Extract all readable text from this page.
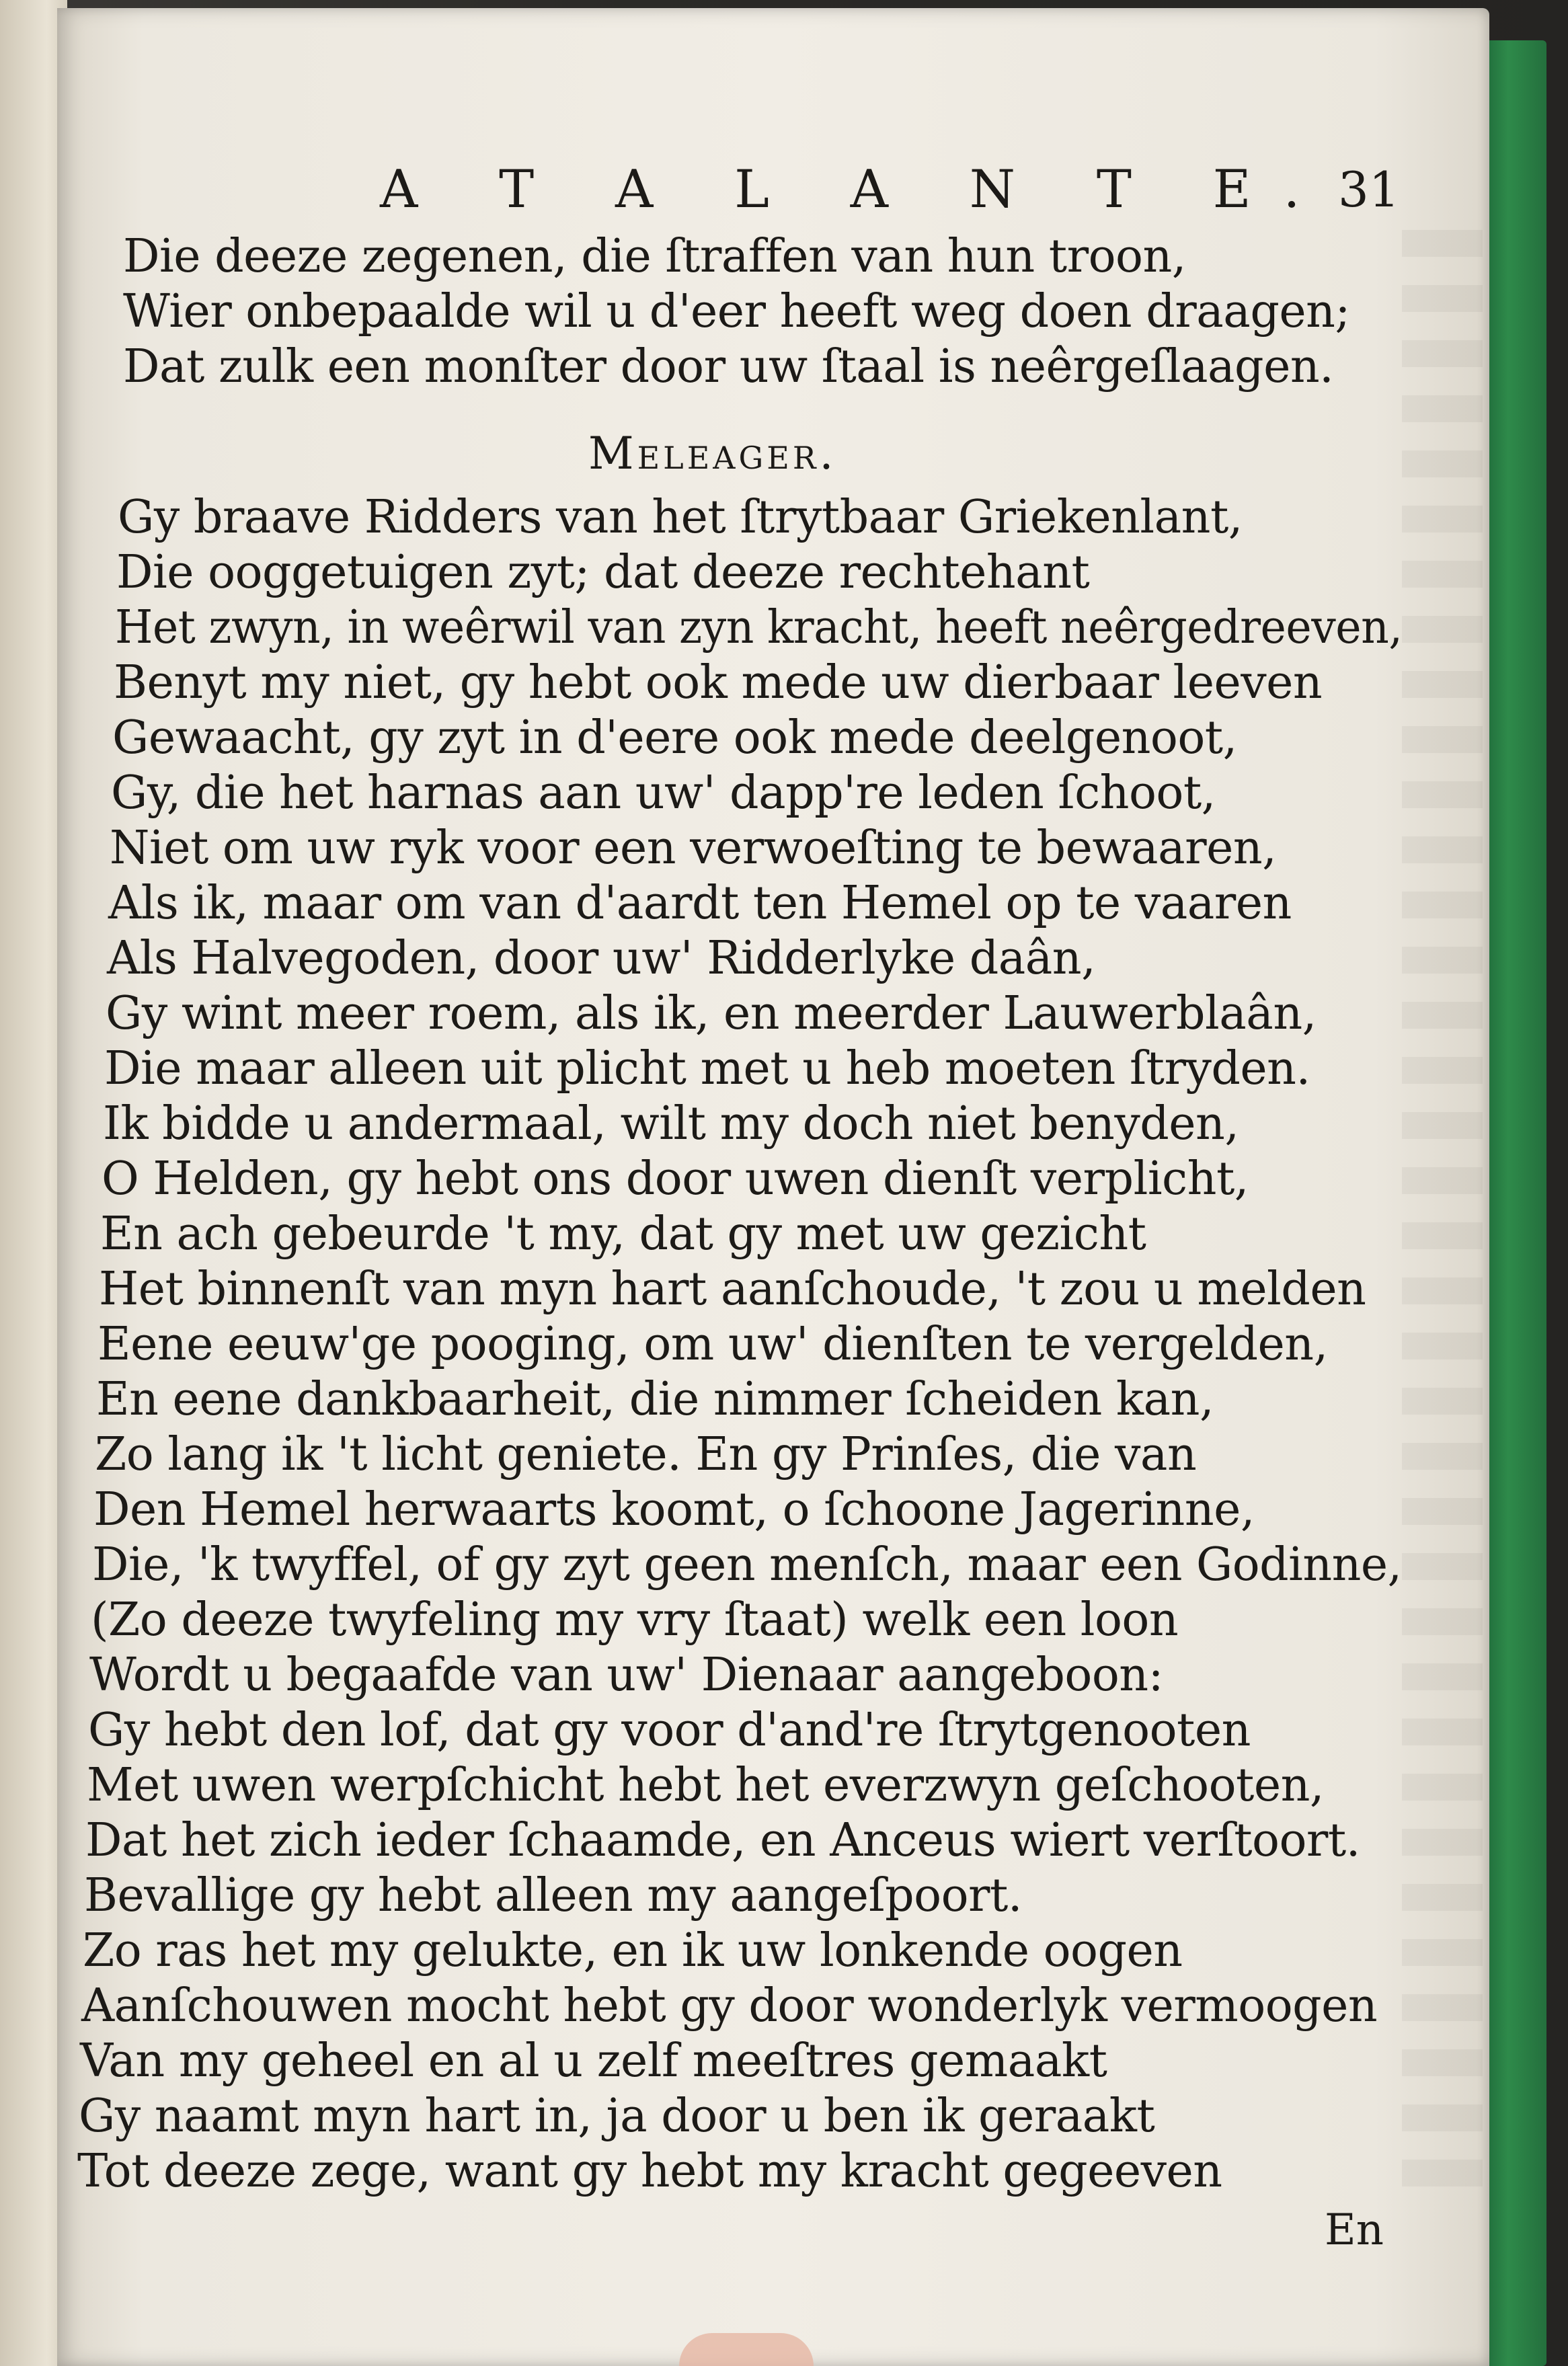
A T A L A N T E. 31
Die deeze zegenen, die ſtraffen van hun troon,
Wier onbepaalde wil u d'eer heeft weg doen draagen;
Dat zulk een monſter door uw ſtaal is neêrgeſlaagen.
Meleager.
Gy braave Ridders van het ſtrytbaar Griekenlant,
Die ooggetuigen zyt; dat deeze rechtehant
Het zwyn, in weêrwil van zyn kracht, heeft neêrgedreeven,
Benyt my niet, gy hebt ook mede uw dierbaar leeven
Gewaacht, gy zyt in d'eere ook mede deelgenoot,
Gy, die het harnas aan uw' dapp're leden ſchoot,
Niet om uw ryk voor een verwoeſting te bewaaren,
Als ik, maar om van d'aardt ten Hemel op te vaaren
Als Halvegoden, door uw' Ridderlyke daân,
Gy wint meer roem, als ik, en meerder Lauwerblaân,
Die maar alleen uit plicht met u heb moeten ſtryden.
Ik bidde u andermaal, wilt my doch niet benyden,
O Helden, gy hebt ons door uwen dienſt verplicht,
En ach gebeurde 't my, dat gy met uw gezicht
Het binnenſt van myn hart aanſchoude, 't zou u melden
Eene eeuw'ge pooging, om uw' dienſten te vergelden,
En eene dankbaarheit, die nimmer ſcheiden kan,
Zo lang ik 't licht geniete. En gy Prinſes, die van
Den Hemel herwaarts koomt, o ſchoone Jagerinne,
Die, 'k twyffel, of gy zyt geen menſch, maar een Godinne,
(Zo deeze twyfeling my vry ſtaat) welk een loon
Wordt u begaafde van uw' Dienaar aangeboon:
Gy hebt den lof, dat gy voor d'and're ſtrytgenooten
Met uwen werpſchicht hebt het everzwyn geſchooten,
Dat het zich ieder ſchaamde, en Anceus wiert verſtoort.
Bevallige gy hebt alleen my aangeſpoort.
Zo ras het my gelukte, en ik uw lonkende oogen
Aanſchouwen mocht hebt gy door wonderlyk vermoogen
Van my geheel en al u zelf meeſtres gemaakt
Gy naamt myn hart in, ja door u ben ik geraakt
Tot deeze zege, want gy hebt my kracht gegeeven
En
